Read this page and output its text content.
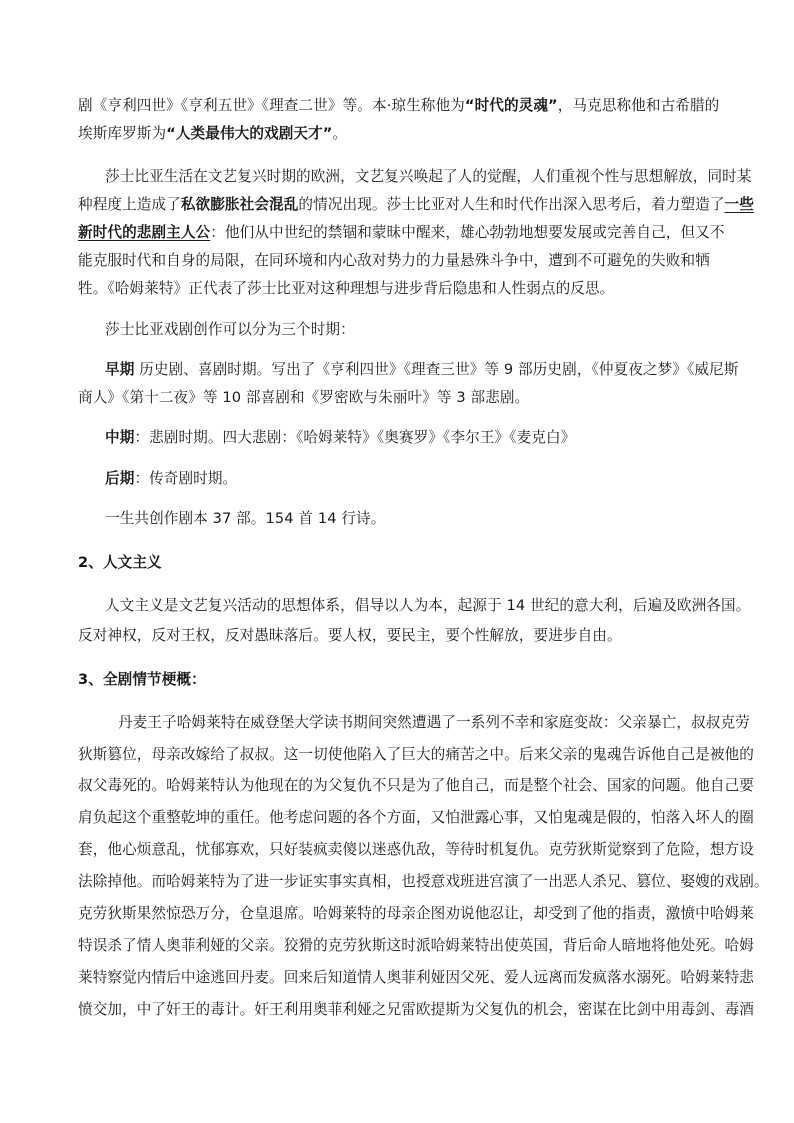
剧《亨利四世》《亨利五世》《理查二世》等。本·琼生称他为“时代的灵魂”，马克思称他和古希腊的
埃斯库罗斯为“人类最伟大的戏剧天才”。
莎士比亚生活在文艺复兴时期的欧洲，文艺复兴唤起了人的觉醒，人们重视个性与思想解放，同时某
种程度上造成了私欲膨胀社会混乱的情况出现。莎士比亚对人生和时代作出深入思考后，着力塑造了一些
新时代的悲剧主人公：他们从中世纪的禁锢和蒙昧中醒来，雄心勃勃地想要发展或完善自己，但又不
能克服时代和自身的局限，在同环境和内心敌对势力的力量悬殊斗争中，遭到不可避免的失败和牺
牲。《哈姆莱特》正代表了莎士比亚对这种理想与进步背后隐患和人性弱点的反思。
莎士比亚戏剧创作可以分为三个时期：
早期 历史剧、喜剧时期。写出了《亨利四世》《理查三世》等 9 部历史剧，《仲夏夜之梦》《威尼斯
商人》《第十二夜》等 10 部喜剧和《罗密欧与朱丽叶》等 3 部悲剧。
中期：悲剧时期。四大悲剧：《哈姆莱特》《奥赛罗》《李尔王》《麦克白》
后期：传奇剧时期。
一生共创作剧本 37 部。154 首 14 行诗。
2、人文主义
人文主义是文艺复兴活动的思想体系，倡导以人为本，起源于 14 世纪的意大利，后遍及欧洲各国。
反对神权，反对王权，反对愚昧落后。要人权，要民主，要个性解放，要进步自由。
3、全剧情节梗概：
丹麦王子哈姆莱特在威登堡大学读书期间突然遭遇了一系列不幸和家庭变故：父亲暴亡，叔叔克劳
狄斯篡位，母亲改嫁给了叔叔。这一切使他陷入了巨大的痛苦之中。后来父亲的鬼魂告诉他自己是被他的
叔父毒死的。哈姆莱特认为他现在的为父复仇不只是为了他自己，而是整个社会、国家的问题。他自己要
肩负起这个重整乾坤的重任。他考虑问题的各个方面，又怕泄露心事，又怕鬼魂是假的，怕落入坏人的圈
套，他心烦意乱，忧郁寡欢，只好装疯卖傻以迷惑仇敌，等待时机复仇。克劳狄斯觉察到了危险，想方设
法除掉他。而哈姆莱特为了进一步证实事实真相，也授意戏班进宫演了一出恶人杀兄、篡位、娶嫂的戏剧。
克劳狄斯果然惊恐万分，仓皇退席。哈姆莱特的母亲企图劝说他忍让，却受到了他的指责，激愤中哈姆莱
特误杀了情人奥菲利娅的父亲。狡猾的克劳狄斯这时派哈姆莱特出使英国，背后命人暗地将他处死。哈姆
莱特察觉内情后中途逃回丹麦。回来后知道情人奥菲利娅因父死、爱人远离而发疯落水溺死。哈姆莱特悲
愤交加，中了奸王的毒计。奸王利用奥菲利娅之兄雷欧提斯为父复仇的机会，密谋在比剑中用毒剑、毒酒
